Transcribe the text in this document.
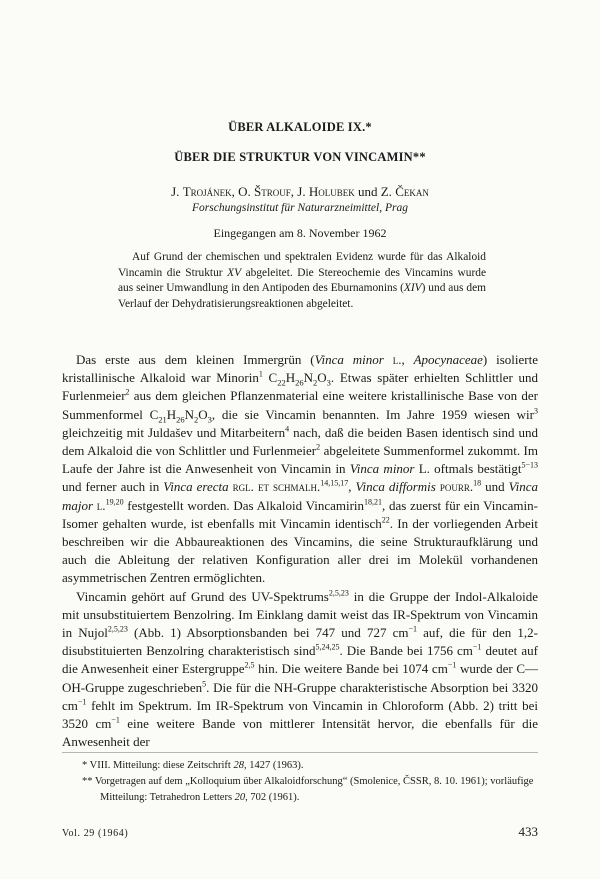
ÜBER ALKALOIDE IX.*
ÜBER DIE STRUKTUR VON VINCAMIN**
J. Trojánek, O. Štrouf, J. Holubek und Z. Čekan
Forschungsinstitut für Naturarzneimittel, Prag
Eingegangen am 8. November 1962

Auf Grund der chemischen und spektralen Evidenz wurde für das Alkaloid Vincamin die Struktur XV abgeleitet. Die Stereochemie des Vincamins wurde aus seiner Umwandlung in den Antipoden des Eburnamonins (XIV) und aus dem Verlauf der Dehydratisierungsreaktionen abgeleitet.

Das erste aus dem kleinen Immergrün (Vinca minor l., Apocynaceae) isolierte kristallinische Alkaloid war Minorin$^1$ $C_{22}H_{26}N_2O_3$. Etwas später erhielten Schlittler und Furlenmeier$^2$ aus dem gleichen Pflanzenmaterial eine weitere kristallinische Base von der Summenformel $C_{21}H_{26}N_2O_3$, die sie Vincamin benannten. Im Jahre 1959 wiesen wir$^3$ gleichzeitig mit Juldašev und Mitarbeitern$^4$ nach, daß die beiden Basen identisch sind und dem Alkaloid die von Schlittler und Furlenmeier$^2$ abgeleitete Summenformel zukommt. Im Laufe der Jahre ist die Anwesenheit von Vincamin in Vinca minor L. oftmals bestätigt$^{5-13}$ und ferner auch in Vinca erecta rgl. et schmalh.$^{14,15,17}$, Vinca difformis pourr.$^{18}$ und Vinca major l.$^{19,20}$ festgestellt worden. Das Alkaloid Vincamirin$^{18,21}$, das zuerst für ein Vincamin-Isomer gehalten wurde, ist ebenfalls mit Vincamin identisch$^{22}$. In der vorliegenden Arbeit beschreiben wir die Abbaureaktionen des Vincamins, die seine Strukturaufklärung und auch die Ableitung der relativen Konfiguration aller drei im Molekül vorhandenen asymmetrischen Zentren ermöglichten.

Vincamin gehört auf Grund des UV-Spektrums$^{2,5,23}$ in die Gruppe der Indol-Alkaloide mit unsubstituiertem Benzolring. Im Einklang damit weist das IR-Spektrum von Vincamin in Nujol$^{2,5,23}$ (Abb. 1) Absorptionsbanden bei 747 und 727 $cm^{-1}$ auf, die für den 1,2-disubstituierten Benzolring charakteristisch sind$^{5,24,25}$. Die Bande bei 1756 $cm^{-1}$ deutet auf die Anwesenheit einer Estergruppe$^{2,5}$ hin. Die weitere Bande bei 1074 $cm^{-1}$ wurde der C—OH-Gruppe zugeschrieben$^5$. Die für die NH-Gruppe charakteristische Absorption bei 3320 $cm^{-1}$ fehlt im Spektrum. Im IR-Spektrum von Vincamin in Chloroform (Abb. 2) tritt bei 3520 $cm^{-1}$ eine weitere Bande von mittlerer Intensität hervor, die ebenfalls für die Anwesenheit der

* VIII. Mitteilung: diese Zeitschrift 28, 1427 (1963).

** Vorgetragen auf dem „Kolloquium über Alkaloidforschung“ (Smolenice, ČSSR, 8. 10. 1961); vorläufige Mitteilung: Tetrahedron Letters 20, 702 (1961).

Vol. 29 (1964)	433
